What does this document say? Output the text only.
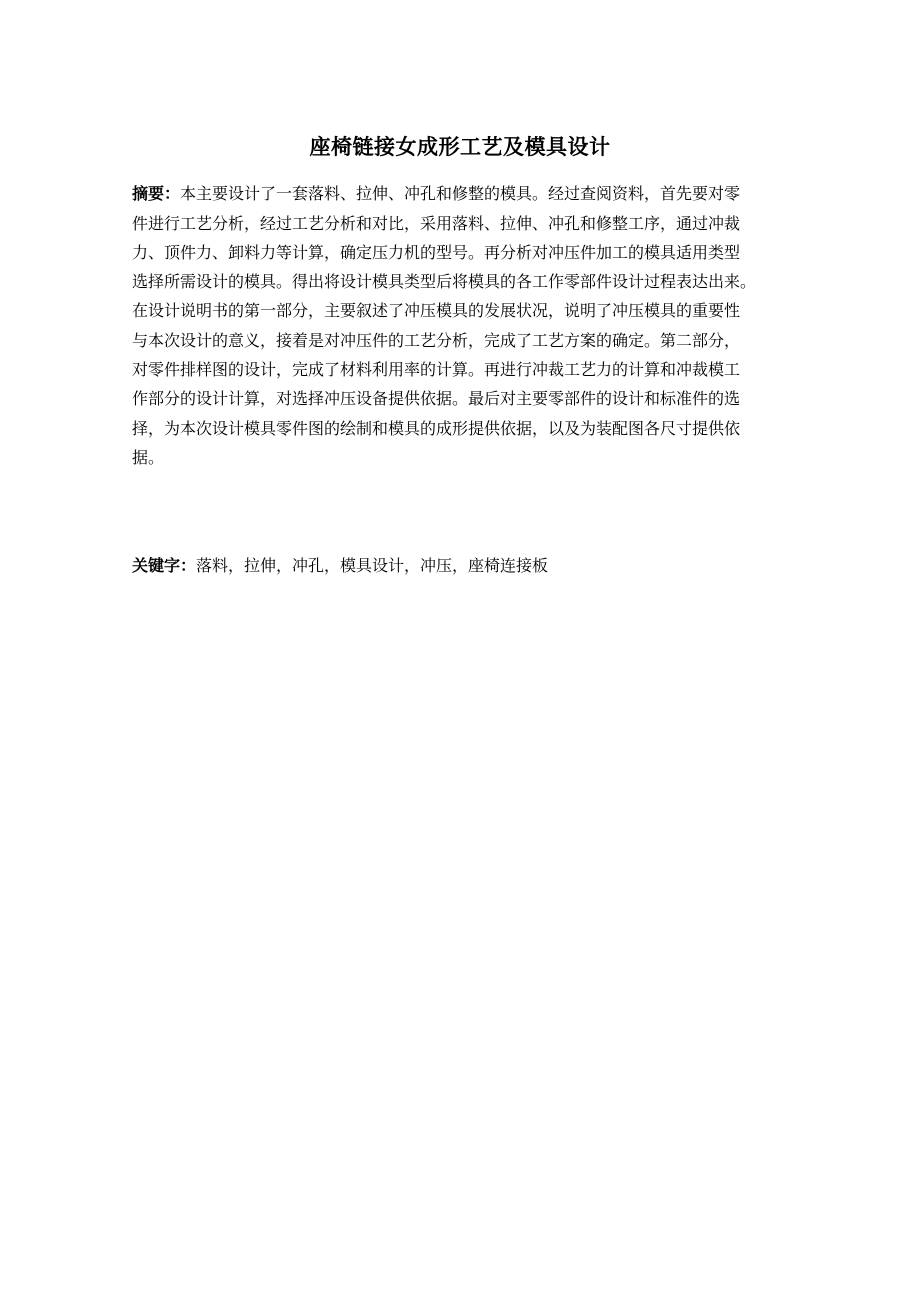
座椅链接女成形工艺及模具设计
摘要：本主要设计了一套落料、拉伸、冲孔和修整的模具。经过查阅资料，首先要对零
件进行工艺分析，经过工艺分析和对比，采用落料、拉伸、冲孔和修整工序，通过冲裁
力、顶件力、卸料力等计算，确定压力机的型号。再分析对冲压件加工的模具适用类型
选择所需设计的模具。得出将设计模具类型后将模具的各工作零部件设计过程表达出来。
在设计说明书的第一部分，主要叙述了冲压模具的发展状况，说明了冲压模具的重要性
与本次设计的意义，接着是对冲压件的工艺分析，完成了工艺方案的确定。第二部分，
对零件排样图的设计，完成了材料利用率的计算。再进行冲裁工艺力的计算和冲裁模工
作部分的设计计算，对选择冲压设备提供依据。最后对主要零部件的设计和标准件的选
择，为本次设计模具零件图的绘制和模具的成形提供依据，以及为装配图各尺寸提供依
据。
关键字：落料，拉伸，冲孔，模具设计，冲压，座椅连接板
